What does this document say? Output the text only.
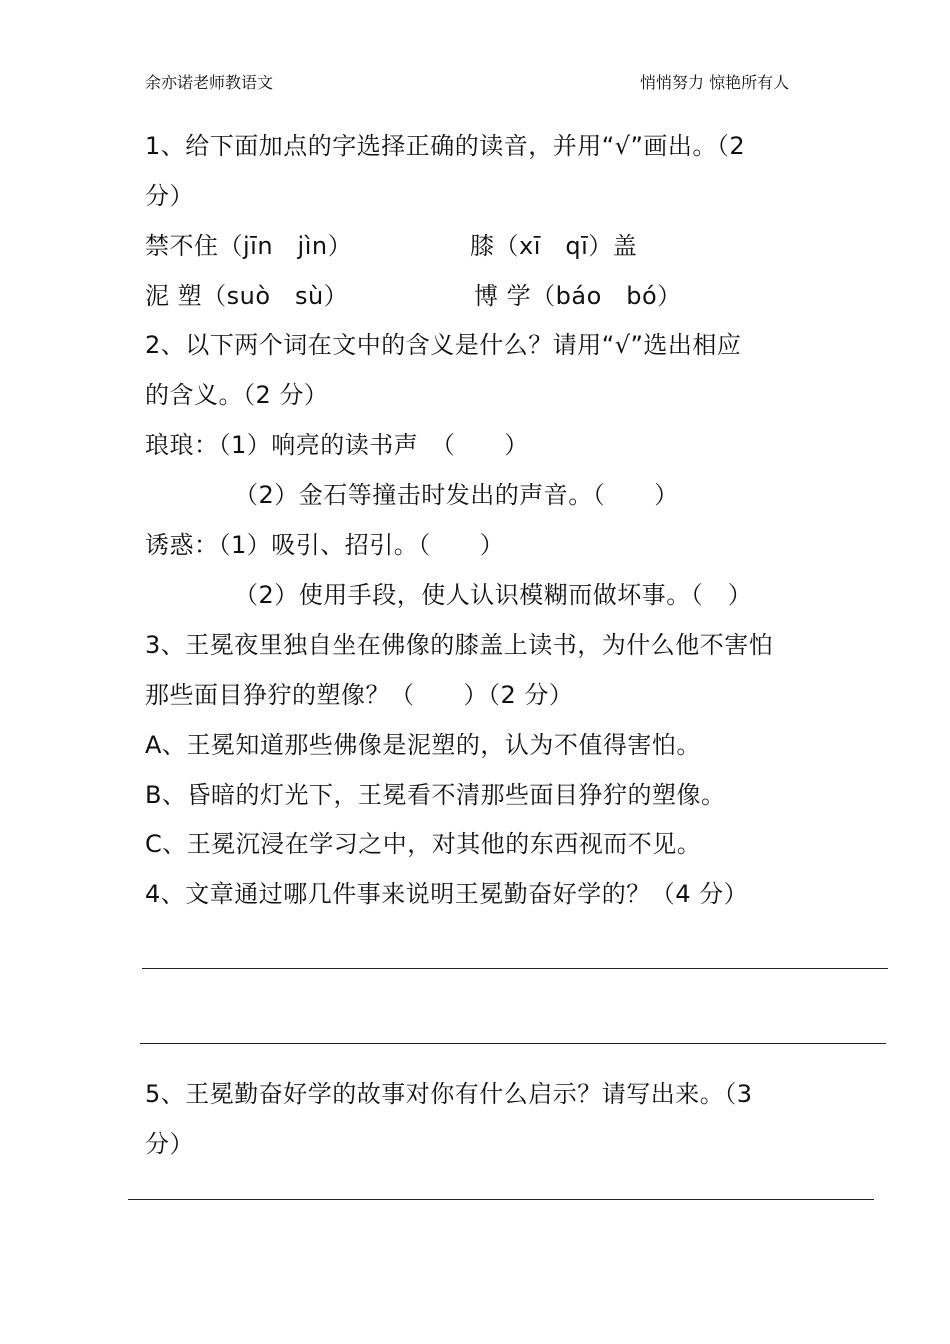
余亦诺老师教语文	悄悄努力 惊艳所有人
1、给下面加点的字选择正确的读音，并用“√”画出。（2
分）
禁不住（jīn　jìn）	膝（xī　qī）盖
泥 塑（suò　sù）	博 学（báo　bó）
2、以下两个词在文中的含义是什么？请用“√”选出相应
的含义。（2 分）
琅琅：（1）响亮的读书声　（　　）
（2）金石等撞击时发出的声音。（　　）
诱惑：（1）吸引、招引。（　　）
（2）使用手段，使人认识模糊而做坏事。（　）
3、王冕夜里独自坐在佛像的膝盖上读书，为什么他不害怕
那些面目狰狞的塑像？（　　）（2 分）
A、王冕知道那些佛像是泥塑的，认为不值得害怕。
B、昏暗的灯光下，王冕看不清那些面目狰狞的塑像。
C、王冕沉浸在学习之中，对其他的东西视而不见。
4、文章通过哪几件事来说明王冕勤奋好学的？（4 分）
5、王冕勤奋好学的故事对你有什么启示？请写出来。（3
分）
